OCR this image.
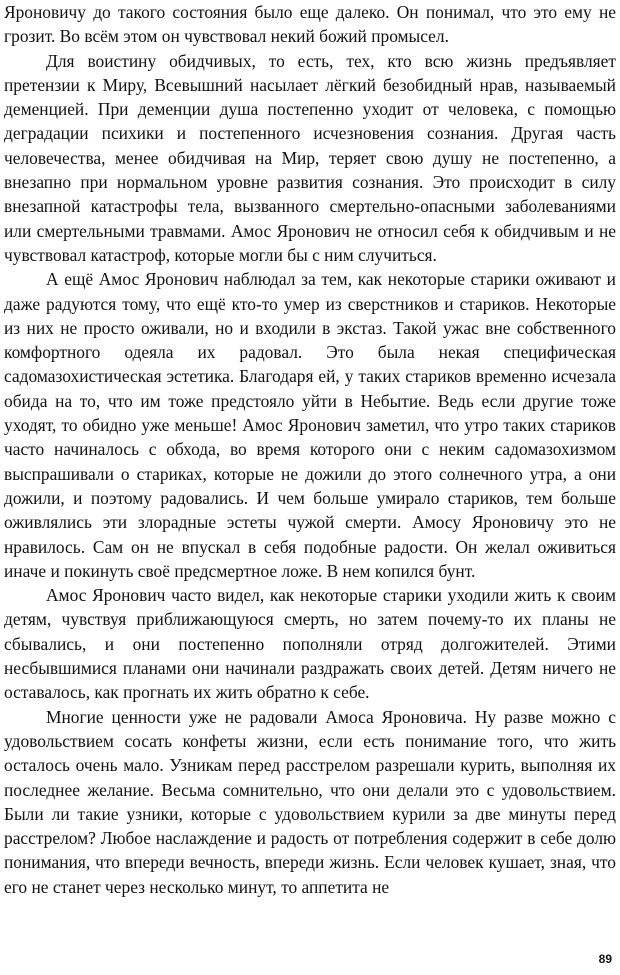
Яроновичу до такого состояния было еще далеко. Он понимал, что это ему не грозит. Во всём этом он чувствовал некий божий промысел.

Для воистину обидчивых, то есть, тех, кто всю жизнь предъявляет претензии к Миру, Всевышний насылает лёгкий безобидный нрав, называемый деменцией. При деменции душа постепенно уходит от человека, с помощью деградации психики и постепенного исчезновения сознания. Другая часть человечества, менее обидчивая на Мир, теряет свою душу не постепенно, а внезапно при нормальном уровне развития сознания. Это происходит в силу внезапной катастрофы тела, вызванного смертельно-опасными заболеваниями или смертельными травмами. Амос Яронович не относил себя к обидчивым и не чувствовал катастроф, которые могли бы с ним случиться.

А ещё Амос Яронович наблюдал за тем, как некоторые старики оживают и даже радуются тому, что ещё кто-то умер из сверстников и стариков. Некоторые из них не просто оживали, но и входили в экстаз. Такой ужас вне собственного комфортного одеяла их радовал. Это была некая специфическая садомазохистическая эстетика. Благодаря ей, у таких стариков временно исчезала обида на то, что им тоже предстояло уйти в Небытие. Ведь если другие тоже уходят, то обидно уже меньше! Амос Яронович заметил, что утро таких стариков часто начиналось с обхода, во время которого они с неким садомазохизмом выспрашивали о стариках, которые не дожили до этого солнечного утра, а они дожили, и поэтому радовались. И чем больше умирало стариков, тем больше оживлялись эти злорадные эстеты чужой смерти. Амосу Яроновичу это не нравилось. Сам он не впускал в себя подобные радости. Он желал оживиться иначе и покинуть своё предсмертное ложе. В нем копился бунт.

Амос Яронович часто видел, как некоторые старики уходили жить к своим детям, чувствуя приближающуюся смерть, но затем почему-то их планы не сбывались, и они постепенно пополняли отряд долгожителей. Этими несбывшимися планами они начинали раздражать своих детей. Детям ничего не оставалось, как прогнать их жить обратно к себе.

Многие ценности уже не радовали Амоса Яроновича. Ну разве можно с удовольствием сосать конфеты жизни, если есть понимание того, что жить осталось очень мало. Узникам перед расстрелом разрешали курить, выполняя их последнее желание. Весьма сомнительно, что они делали это с удовольствием. Были ли такие узники, которые с удовольствием курили за две минуты перед расстрелом? Любое наслаждение и радость от потребления содержит в себе долю понимания, что впереди вечность, впереди жизнь. Если человек кушает, зная, что его не станет через несколько минут, то аппетита не

89
